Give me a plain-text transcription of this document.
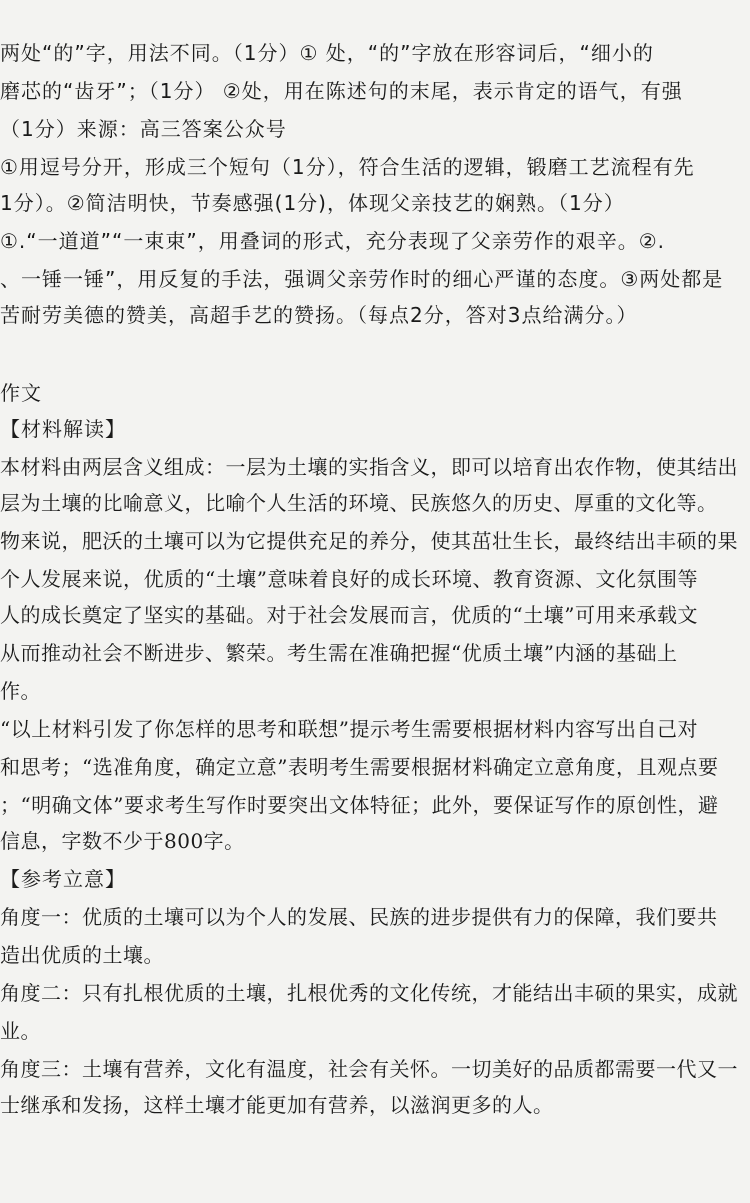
两处“的”字，用法不同。（1分）① 处，“的”字放在形容词后，“细小的
磨芯的“齿牙”；（1分） ②处，用在陈述句的末尾，表示肯定的语气，有强
（1分）来源：高三答案公众号
①用逗号分开，形成三个短句（1分），符合生活的逻辑，锻磨工艺流程有先
1分）。②简洁明快，节奏感强(1分)，体现父亲技艺的娴熟。（1分）
①.“一道道”“一束束”，用叠词的形式，充分表现了父亲劳作的艰辛。②.
、一锤一锤”，用反复的手法，强调父亲劳作时的细心严谨的态度。③两处都是
苦耐劳美德的赞美，高超手艺的赞扬。（每点2分，答对3点给满分。）
作文
【材料解读】
本材料由两层含义组成：一层为土壤的实指含义，即可以培育出农作物，使其结出
层为土壤的比喻意义，比喻个人生活的环境、民族悠久的历史、厚重的文化等。
物来说，肥沃的土壤可以为它提供充足的养分，使其茁壮生长，最终结出丰硕的果
个人发展来说，优质的“土壤”意味着良好的成长环境、教育资源、文化氛围等
人的成长奠定了坚实的基础。对于社会发展而言，优质的“土壤”可用来承载文
从而推动社会不断进步、繁荣。考生需在准确把握“优质土壤”内涵的基础上
作。
“以上材料引发了你怎样的思考和联想”提示考生需要根据材料内容写出自己对
和思考；“选准角度，确定立意”表明考生需要根据材料确定立意角度，且观点要
；“明确文体”要求考生写作时要突出文体特征；此外，要保证写作的原创性，避
信息，字数不少于800字。
【参考立意】
角度一：优质的土壤可以为个人的发展、民族的进步提供有力的保障，我们要共
造出优质的土壤。
角度二：只有扎根优质的土壤，扎根优秀的文化传统，才能结出丰硕的果实，成就
业。
角度三：土壤有营养，文化有温度，社会有关怀。一切美好的品质都需要一代又一
士继承和发扬，这样土壤才能更加有营养，以滋润更多的人。
